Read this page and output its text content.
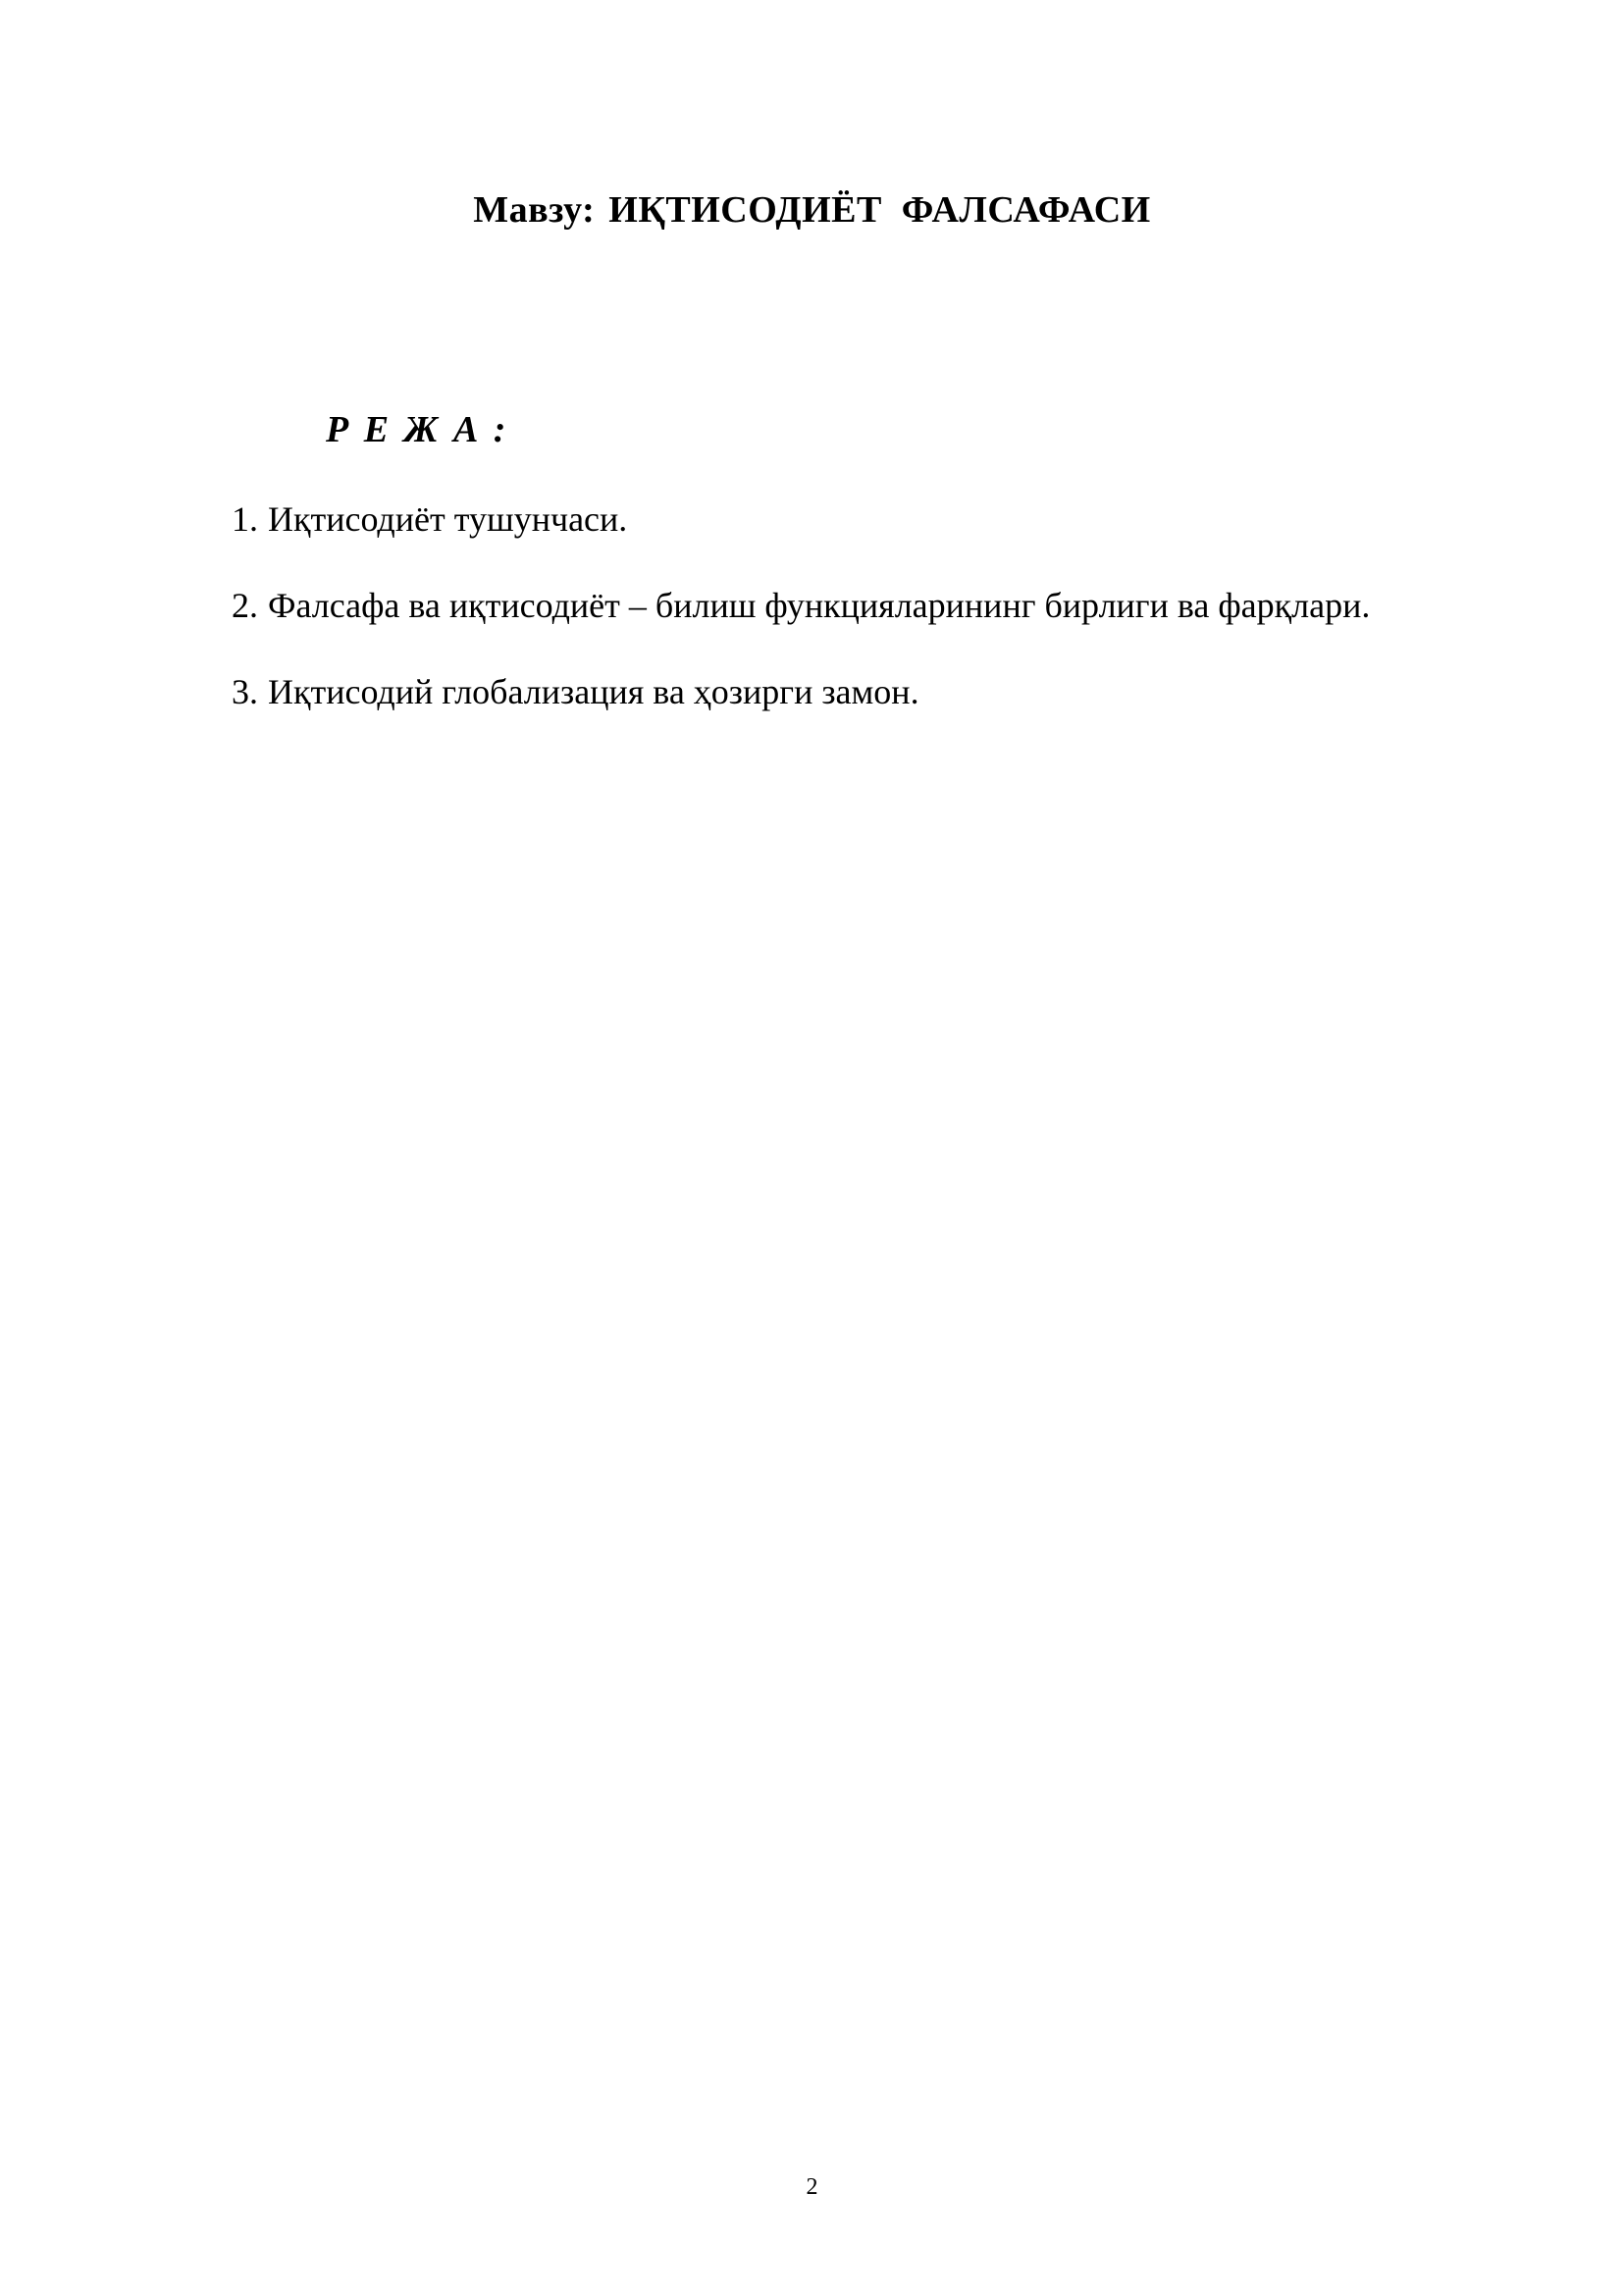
Мавзу: ИҚТИСОДИЁТ  ФАЛСАФАСИ
Р Е Ж А :
1. Иқтисодиёт тушунчаси.
2. Фалсафа ва иқтисодиёт – билиш функцияларининг бирлиги ва фарқлари.
3. Иқтисодий глобализация ва ҳозирги замон.
2
